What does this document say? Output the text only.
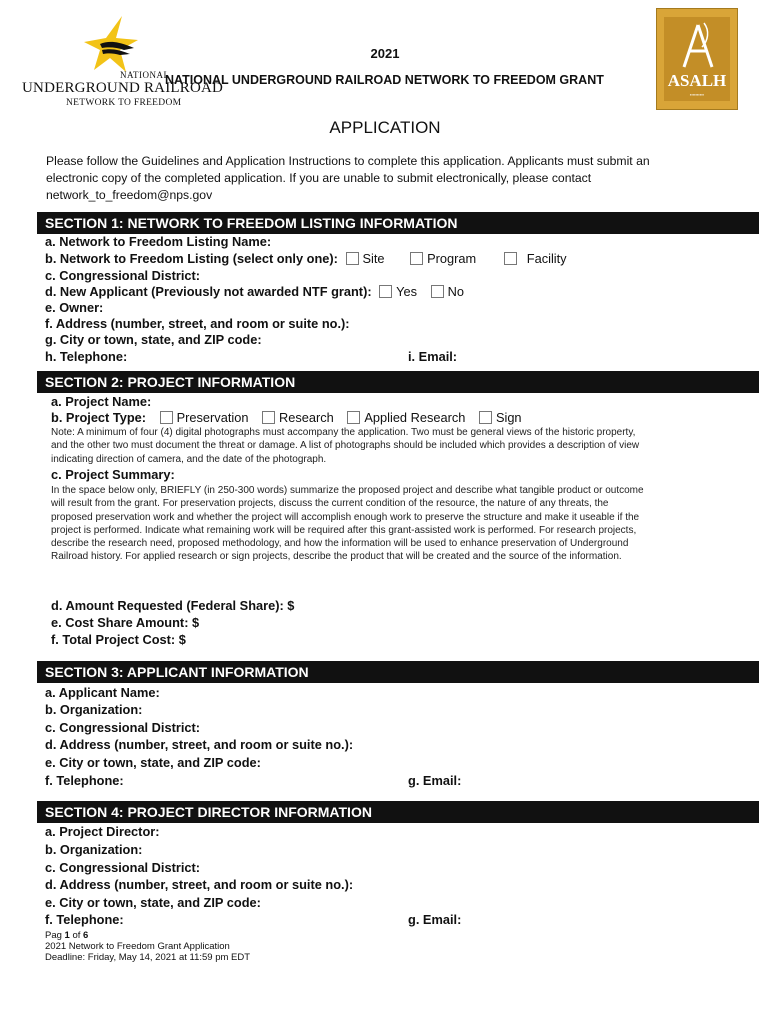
NATIONAL
UNDERGROUND RAILROAD
NETWORK TO FREEDOM
ASALH
▪▪▪▪▪▪▪▪▪▪
2021
NATIONAL UNDERGROUND RAILROAD NETWORK TO FREEDOM GRANT
APPLICATION
Please follow the Guidelines and Application Instructions to complete this application. Applicants must submit an
electronic copy of the completed application. If you are unable to submit electronically, please contact
network_to_freedom@nps.gov
SECTION 1: NETWORK TO FREEDOM LISTING INFORMATION
a. Network to Freedom Listing Name:
b. Network to Freedom Listing (select only one): Site	Program	Facility
c. Congressional District:
d. New Applicant (Previously not awarded NTF grant): Yes No
e. Owner:
f. Address (number, street, and room or suite no.):
g. City or town, state, and ZIP code:
h. Telephone:	i. Email:
SECTION 2: PROJECT INFORMATION
a. Project Name:
b. Project Type: Preservation Research Applied Research Sign
Note: A minimum of four (4) digital photographs must accompany the application. Two must be general views of the historic property,
and the other two must document the threat or damage. A list of photographs should be included which provides a description of view
indicating direction of camera, and the date of the photograph.
c. Project Summary:
In the space below only, BRIEFLY (in 250-300 words) summarize the proposed project and describe what tangible product or outcome
will result from the grant. For preservation projects, discuss the current condition of the resource, the nature of any threats, the
proposed preservation work and whether the project will accomplish enough work to preserve the structure and make it useable if the
project is performed. Indicate what remaining work will be required after this grant-assisted work is performed. For research projects,
describe the research need, proposed methodology, and how the information will be used to enhance preservation of Underground
Railroad history. For applied research or sign projects, describe the product that will be created and the source of the information.
d. Amount Requested (Federal Share): $
e. Cost Share Amount: $
f. Total Project Cost: $
SECTION 3: APPLICANT INFORMATION
a. Applicant Name:
b. Organization:
c. Congressional District:
d. Address (number, street, and room or suite no.):
e. City or town, state, and ZIP code:
f. Telephone:	g. Email:
SECTION 4: PROJECT DIRECTOR INFORMATION
a. Project Director:
b. Organization:
c. Congressional District:
d. Address (number, street, and room or suite no.):
e. City or town, state, and ZIP code:
f. Telephone:	g. Email:
Pag 1 of 6
2021 Network to Freedom Grant Application
Deadline: Friday, May 14, 2021 at 11:59 pm EDT
